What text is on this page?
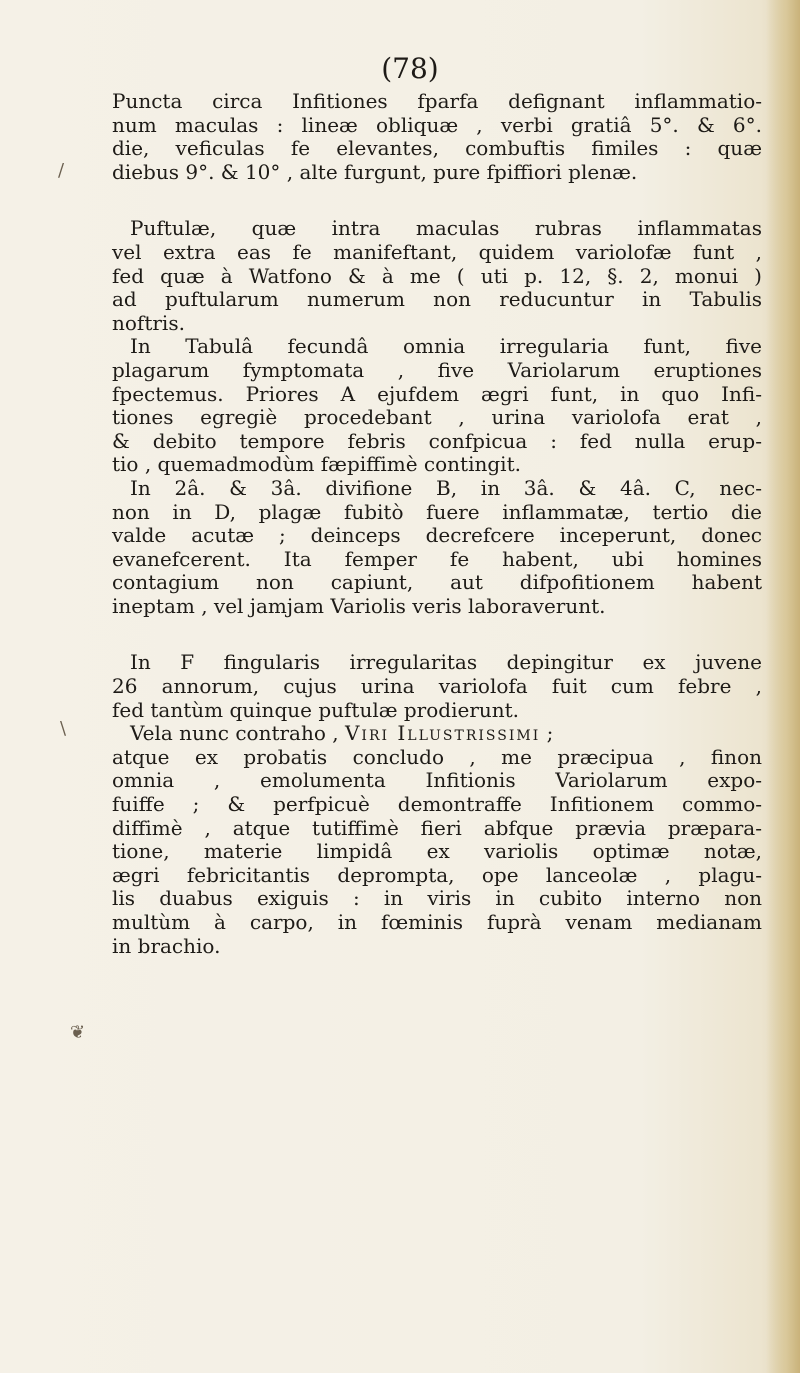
(78)
Puncta circa Infitiones fparfa defignant inflammatio-
num maculas : lineæ obliquæ , verbi gratiâ 5°. & 6°.
die, veficulas fe elevantes, combuftis fimiles : quæ
diebus 9°. & 10° , alte furgunt, pure fpiffiori plenæ.
Puftulæ, quæ intra maculas rubras inflammatas
vel extra eas fe manifeftant, quidem variolofæ funt ,
fed quæ à Watfono & à me ( uti p. 12, §. 2, monui )
ad puftularum numerum non reducuntur in Tabulis
noftris.
In Tabulâ fecundâ omnia irregularia funt, five
plagarum fymptomata , five Variolarum eruptiones
fpectemus. Priores A ejufdem ægri funt, in quo Infi-
tiones egregiè procedebant , urina variolofa erat ,
& debito tempore febris confpicua : fed nulla erup-
tio , quemadmodùm fæpiffimè contingit.
In 2â. & 3â. divifione B, in 3â. & 4â. C, nec-
non in D, plagæ fubitò fuere inflammatæ, tertio die
valde acutæ ; deinceps decrefcere inceperunt, donec
evanefcerent. Ita femper fe habent, ubi homines
contagium non capiunt, aut difpofitionem habent
ineptam , vel jamjam Variolis veris laboraverunt.
In F fingularis irregularitas depingitur ex juvene
26 annorum, cujus urina variolofa fuit cum febre ,
fed tantùm quinque puftulæ prodierunt.
Vela nunc contraho , Viri Illustrissimi ;
atque ex probatis concludo , me præcipua , finon
omnia , emolumenta Infitionis Variolarum expo-
fuiffe ; & perfpicuè demontraffe Infitionem commo-
diffimè , atque tutiffimè fieri abfque prævia præpara-
tione, materie limpidâ ex variolis optimæ notæ,
ægri febricitantis deprompta, ope lanceolæ , plagu-
lis duabus exiguis : in viris in cubito interno non
multùm à carpo, in fœminis fuprà venam medianam
in brachio.
/
\
❦
